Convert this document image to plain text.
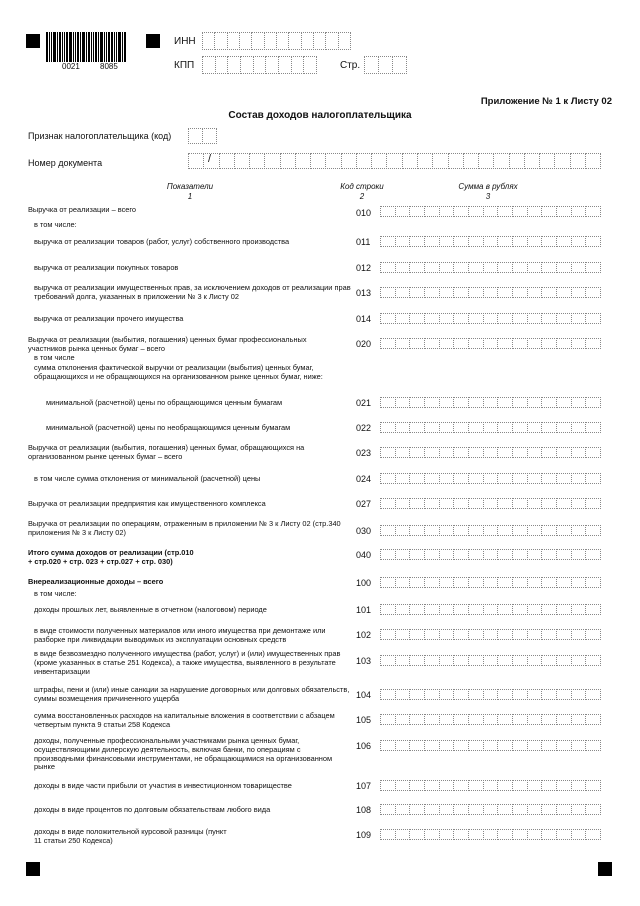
0021	8085
ИНН
КПП	Стр.
Приложение № 1 к Листу 02
Состав доходов налогоплательщика
Признак налогоплательщика (код)
Номер документа	/
Показатели
1
Код строки
2
Сумма в рублях
3
Выручка от реализации – всего	010
в том числе:
выручка от реализации товаров (работ, услуг) собственного производства	011
выручка от реализации покупных товаров	012
выручка от реализации имущественных прав, за исключением доходов от реализации прав требований долга, указанных в приложении № 3 к Листу 02	013
выручка от реализации прочего имущества	014
Выручка от реализации (выбытия, погашения) ценных бумаг профессиональных участников рынка ценных бумаг – всего	020
в том числе
сумма отклонения фактической выручки от реализации (выбытия) ценных бумаг, обращающихся и не обращающихся на организованном рынке ценных бумаг, ниже:
минимальной (расчетной) цены по обращающимся ценным бумагам	021
минимальной (расчетной) цены по необращающимся ценным бумагам	022
Выручка от реализации (выбытия, погашения) ценных бумаг, обращающихся на организованном рынке ценных бумаг – всего	023
в том числе сумма отклонения от минимальной (расчетной) цены	024
Выручка от реализации предприятия как имущественного комплекса	027
Выручка от реализации по операциям, отраженным в приложении № 3 к Листу 02 (стр.340 приложения № 3 к Листу 02)	030
Итого сумма доходов от реализации (стр.010 + стр.020 + стр. 023 + стр.027 + стр. 030)
040
Внереализационные доходы – всего	100
в том числе:
доходы прошлых лет, выявленные в отчетном (налоговом) периоде	101
в виде стоимости полученных материалов или иного имущества при демонтаже или разборке при ликвидации выводимых из эксплуатации основных средств	102
в виде безвозмездно полученного имущества (работ, услуг) и (или) имущественных прав (кроме указанных в статье 251 Кодекса), а также имущества, выявленного в результате инвентаризации
103
штрафы, пени и (или) иные санкции за нарушение договорных или долговых обязательств, суммы возмещения причиненного ущерба	104
сумма восстановленных расходов на капитальные вложения в соответствии с абзацем четвертым пункта 9 статьи 258 Кодекса	105
доходы, полученные профессиональными участниками рынка ценных бумаг, осуществляющими дилерскую деятельность, включая банки, по операциям с производными финансовыми инструментами, не обращающимися на организованном рынке
106
доходы в виде части прибыли от участия в инвестиционном товариществе	107
доходы в виде процентов по долговым обязательствам любого вида	108
доходы в виде положительной курсовой разницы (пункт 11 статьи 250 Кодекса)
109
